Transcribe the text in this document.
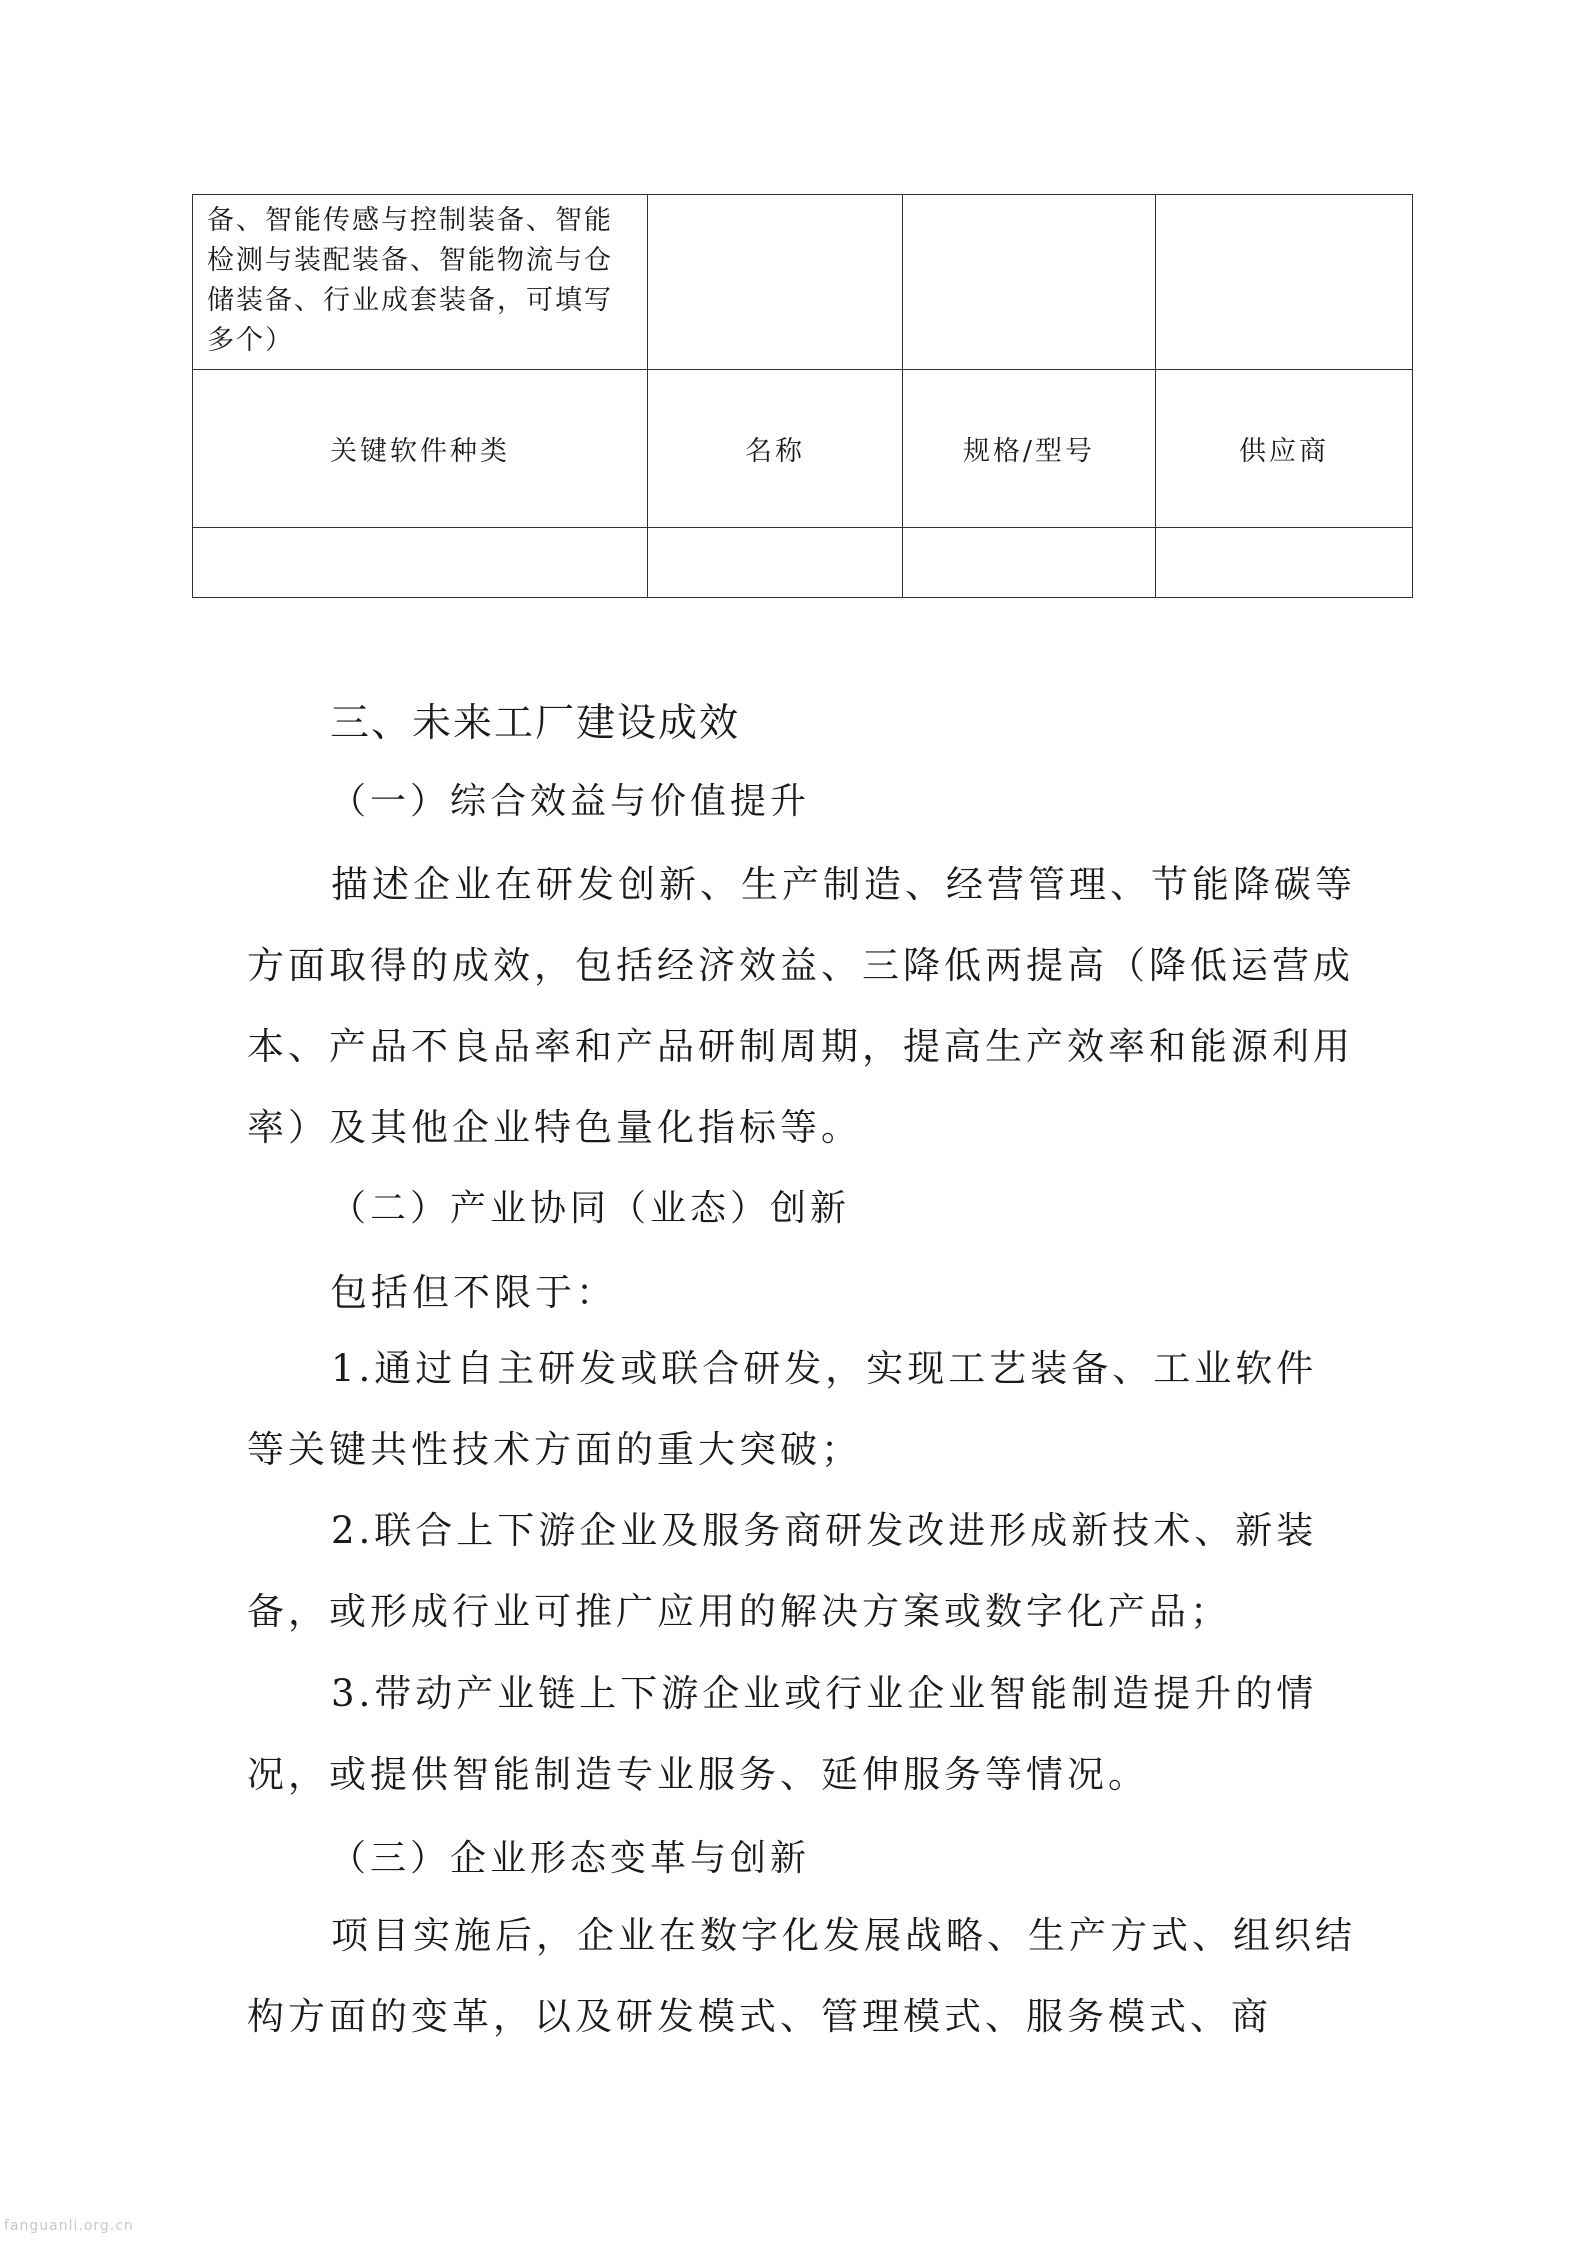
备、智能传感与控制装备、智能检测与装配装备、智能物流与仓储装备、行业成套装备，可填写多个）			

关键软件种类	名称	规格/型号	供应商

三、未来工厂建设成效
（一）综合效益与价值提升

描述企业在研发创新、生产制造、经营管理、节能降碳等方面取得的成效，包括经济效益、三降低两提高（降低运营成本、产品不良品率和产品研制周期，提高生产效率和能源利用率）及其他企业特色量化指标等。

（二）产业协同（业态）创新
包括但不限于：

1.通过自主研发或联合研发，实现工艺装备、工业软件等关键共性技术方面的重大突破；

2.联合上下游企业及服务商研发改进形成新技术、新装备，或形成行业可推广应用的解决方案或数字化产品；

3.带动产业链上下游企业或行业企业智能制造提升的情况，或提供智能制造专业服务、延伸服务等情况。

（三）企业形态变革与创新

项目实施后，企业在数字化发展战略、生产方式、组织结构方面的变革，以及研发模式、管理模式、服务模式、商

fanguanli.org.cn
